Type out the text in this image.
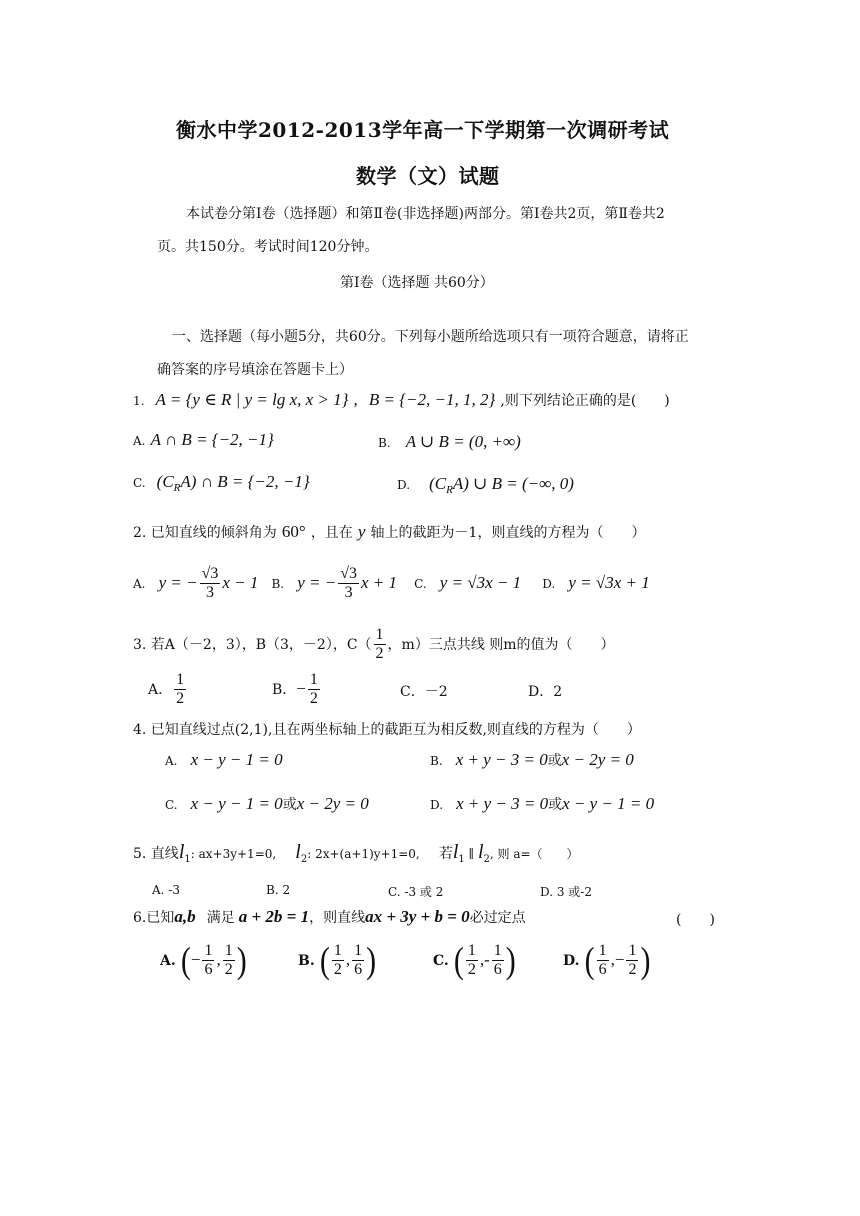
衡水中学2012-2013学年高一下学期第一次调研考试
数学（文）试题
本试卷分第Ⅰ卷（选择题）和第Ⅱ卷(非选择题)两部分。第Ⅰ卷共2页，第Ⅱ卷共2
页。共150分。考试时间120分钟。
第Ⅰ卷（选择题 共60分）
一、选择题（每小题5分，共60分。下列每小题所给选项只有一项符合题意，请将正
确答案的序号填涂在答题卡上）
1. A = {y ∈ R | y = lg x, x > 1} , B = {−2, −1, 1, 2} ,则下列结论正确的是(　　)
A. A ∩ B = {−2, −1}	B. A ∪ B = (0, +∞)
C. $(C_RA)$ ∩ B = {−2, −1}	D. $(C_RA)$ ∪ B = (−∞, 0)
2. 已知直线的倾斜角为 60° ，且在 y 轴上的截距为－1，则直线的方程为（　　）
A. y = − $\frac{√3}{3}$ x − 1 B. y = − $\frac{√3}{3}$ x + 1 C. y = √3x − 1 D. y = √3x + 1
3. 若A（－2，3），B（3，－2），$C( \frac{1}{2}$ ，m）三点共线 则m的值为（　　）
A． $\frac{1}{2}$	B．− $\frac{1}{2}$	C．－2	D．2
4. 已知直线过点(2,1),且在两坐标轴上的截距互为相反数,则直线的方程为（　　）
A. x − y − 1 = 0	B. x + y − 3 = 0或x − 2y = 0
C. x − y − 1 = 0或x − 2y = 0	D. x + y − 3 = 0或x − y − 1 = 0
5. 直线$l_1$: ax+3y+1=0, $l_2$: 2x+(a+1)y+1=0, 若$l_1$ ∥ $l_2$, 则 a=（　　）
A. -3	B. 2	C. -3 或 2	D. 3 或-2
6.已知a,b 满足 a + 2b = 1，则直线ax + 3y + b = 0必过定点	(　　)
A. (− $\frac{1}{6}$ , $\frac{1}{2}$ )	B. ( $\frac{1}{2}$ , $\frac{1}{6}$ )	C. ( $\frac{1}{2}$ ,- $\frac{1}{6}$ )	D. ( $\frac{1}{6}$ ,− $\frac{1}{2}$ )
